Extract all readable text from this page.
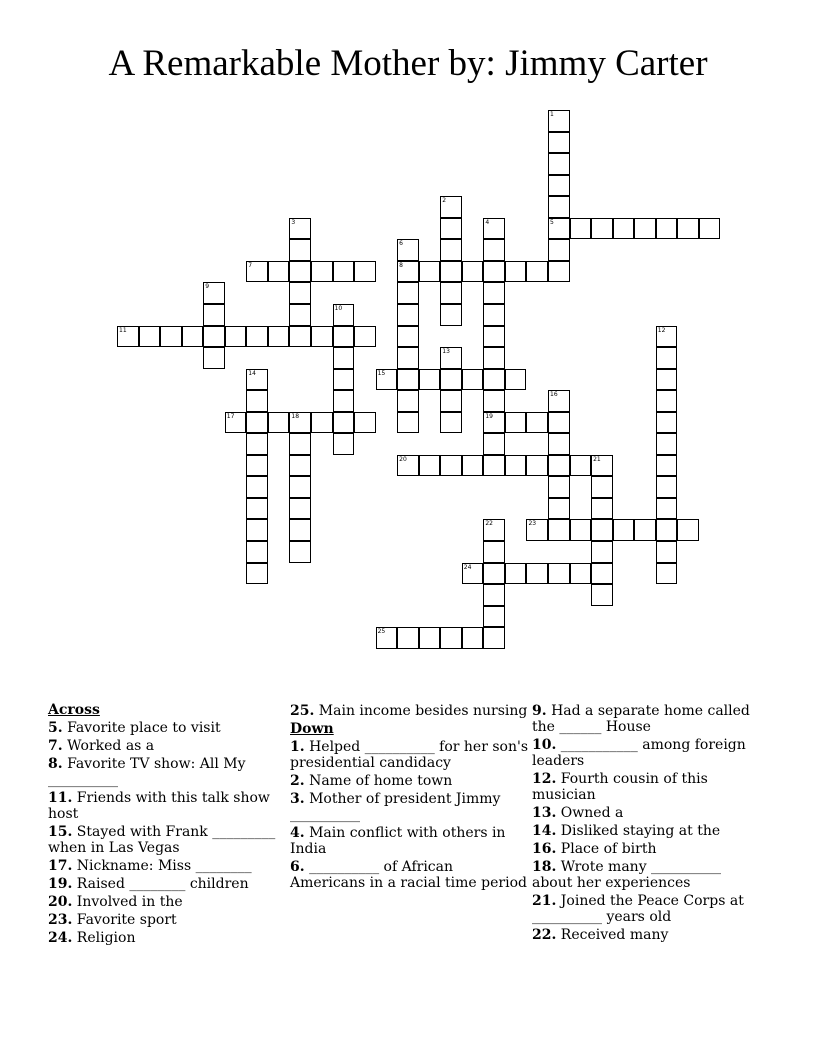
A Remarkable Mother by: Jimmy Carter
1
5
2
3	4
19
6
8
7
9
10
11	12
13
14	15
16
17	18
20	21
22	23
24
25
Across
5. Favorite place to visit
7. Worked as a
8. Favorite TV show: All My __________
11. Friends with this talk show host
15. Stayed with Frank _________ when in Las Vegas
17. Nickname: Miss ________
19. Raised ________ children
20. Involved in the
23. Favorite sport
24. Religion
25. Main income besides nursing
Down
1. Helped __________ for her son's presidential candidacy
2. Name of home town
3. Mother of president Jimmy __________
4. Main conflict with others in India
6. __________ of African Americans in a racial time period
9. Had a separate home called the ______ House
10. ___________ among foreign leaders
12. Fourth cousin of this musician
13. Owned a
14. Disliked staying at the
16. Place of birth
18. Wrote many __________ about her experiences
21. Joined the Peace Corps at __________ years old
22. Received many
